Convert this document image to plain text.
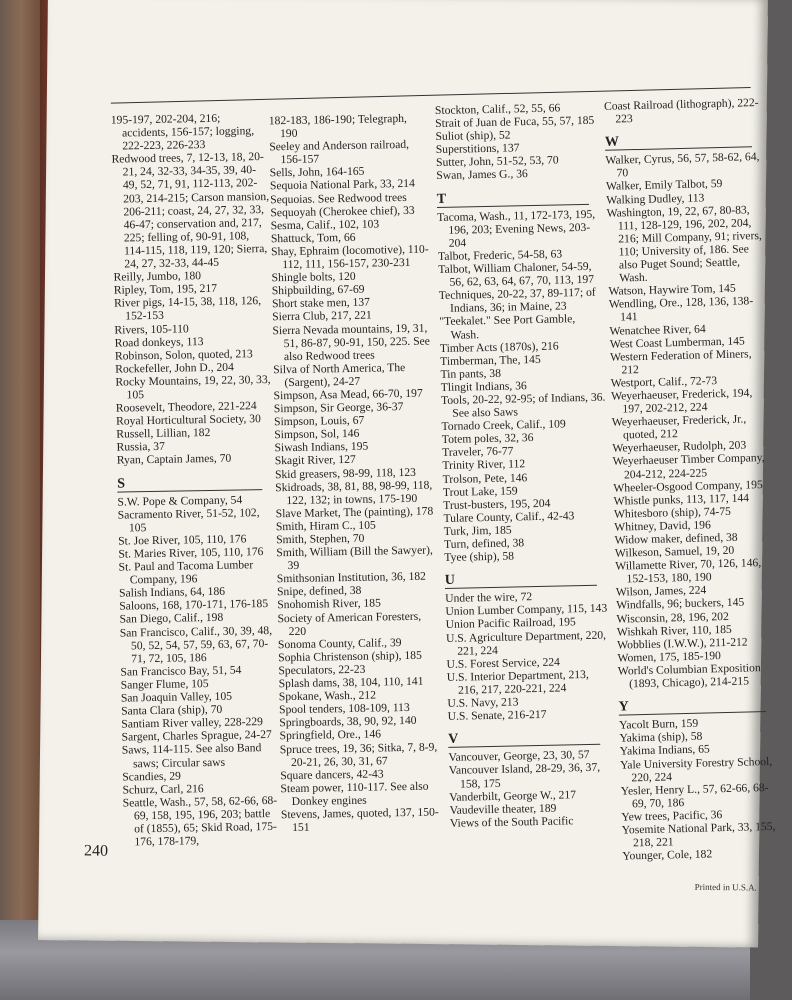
195-197, 202-204, 216; accidents, 156-157; logging, 222-223, 226-233
Redwood trees, 7, 12-13, 18, 20-21, 24, 32-33, 34-35, 39, 40-49, 52, 71, 91, 112-113, 202-203, 214-215; Carson mansion, 206-211; coast, 24, 27, 32, 33, 46-47; conservation and, 217, 225; felling of, 90-91, 108, 114-115, 118, 119, 120; Sierra, 24, 27, 32-33, 44-45
Reilly, Jumbo, 180
Ripley, Tom, 195, 217
River pigs, 14-15, 38, 118, 126, 152-153
Rivers, 105-110
Road donkeys, 113
Robinson, Solon, quoted, 213
Rockefeller, John D., 204
Rocky Mountains, 19, 22, 30, 33, 105
Roosevelt, Theodore, 221-224
Royal Horticultural Society, 30
Russell, Lillian, 182
Russia, 37
Ryan, Captain James, 70
S
S.W. Pope & Company, 54
Sacramento River, 51-52, 102, 105
St. Joe River, 105, 110, 176
St. Maries River, 105, 110, 176
St. Paul and Tacoma Lumber Company, 196
Salish Indians, 64, 186
Saloons, 168, 170-171, 176-185
San Diego, Calif., 198
San Francisco, Calif., 30, 39, 48, 50, 52, 54, 57, 59, 63, 67, 70-71, 72, 105, 186
San Francisco Bay, 51, 54
Sanger Flume, 105
San Joaquin Valley, 105
Santa Clara (ship), 70
Santiam River valley, 228-229
Sargent, Charles Sprague, 24-27
Saws, 114-115. See also Band saws; Circular saws
Scandies, 29
Schurz, Carl, 216
Seattle, Wash., 57, 58, 62-66, 68-69, 158, 195, 196, 203; battle of (1855), 65; Skid Road, 175-176, 178-179,
182-183, 186-190; Telegraph, 190
Seeley and Anderson railroad, 156-157
Sells, John, 164-165
Sequoia National Park, 33, 214
Sequoias. See Redwood trees
Sequoyah (Cherokee chief), 33
Sesma, Calif., 102, 103
Shattuck, Tom, 66
Shay, Ephraim (locomotive), 110-112, 111, 156-157, 230-231
Shingle bolts, 120
Shipbuilding, 67-69
Short stake men, 137
Sierra Club, 217, 221
Sierra Nevada mountains, 19, 31, 51, 86-87, 90-91, 150, 225. See also Redwood trees
Silva of North America, The (Sargent), 24-27
Simpson, Asa Mead, 66-70, 197
Simpson, Sir George, 36-37
Simpson, Louis, 67
Simpson, Sol, 146
Siwash Indians, 195
Skagit River, 127
Skid greasers, 98-99, 118, 123
Skidroads, 38, 81, 88, 98-99, 118, 122, 132; in towns, 175-190
Slave Market, The (painting), 178
Smith, Hiram C., 105
Smith, Stephen, 70
Smith, William (Bill the Sawyer), 39
Smithsonian Institution, 36, 182
Snipe, defined, 38
Snohomish River, 185
Society of American Foresters, 220
Sonoma County, Calif., 39
Sophia Christenson (ship), 185
Speculators, 22-23
Splash dams, 38, 104, 110, 141
Spokane, Wash., 212
Spool tenders, 108-109, 113
Springboards, 38, 90, 92, 140
Springfield, Ore., 146
Spruce trees, 19, 36; Sitka, 7, 8-9, 20-21, 26, 30, 31, 67
Square dancers, 42-43
Steam power, 110-117. See also Donkey engines
Stevens, James, quoted, 137, 150-151
Stockton, Calif., 52, 55, 66
Strait of Juan de Fuca, 55, 57, 185
Suliot (ship), 52
Superstitions, 137
Sutter, John, 51-52, 53, 70
Swan, James G., 36
T
Tacoma, Wash., 11, 172-173, 195, 196, 203; Evening News, 203-204
Talbot, Frederic, 54-58, 63
Talbot, William Chaloner, 54-59, 56, 62, 63, 64, 67, 70, 113, 197
Techniques, 20-22, 37, 89-117; of Indians, 36; in Maine, 23
"Teekalet." See Port Gamble, Wash.
Timber Acts (1870s), 216
Timberman, The, 145
Tin pants, 38
Tlingit Indians, 36
Tools, 20-22, 92-95; of Indians, 36. See also Saws
Tornado Creek, Calif., 109
Totem poles, 32, 36
Traveler, 76-77
Trinity River, 112
Trolson, Pete, 146
Trout Lake, 159
Trust-busters, 195, 204
Tulare County, Calif., 42-43
Turk, Jim, 185
Turn, defined, 38
Tyee (ship), 58
U
Under the wire, 72
Union Lumber Company, 115, 143
Union Pacific Railroad, 195
U.S. Agriculture Department, 220, 221, 224
U.S. Forest Service, 224
U.S. Interior Department, 213, 216, 217, 220-221, 224
U.S. Navy, 213
U.S. Senate, 216-217
V
Vancouver, George, 23, 30, 57
Vancouver Island, 28-29, 36, 37, 158, 175
Vanderbilt, George W., 217
Vaudeville theater, 189
Views of the South Pacific
Coast Railroad (lithograph), 222-223
W
Walker, Cyrus, 56, 57, 58-62, 64, 70
Walker, Emily Talbot, 59
Walking Dudley, 113
Washington, 19, 22, 67, 80-83, 111, 128-129, 196, 202, 204, 216; Mill Company, 91; rivers, 110; University of, 186. See also Puget Sound; Seattle, Wash.
Watson, Haywire Tom, 145
Wendling, Ore., 128, 136, 138-141
Wenatchee River, 64
West Coast Lumberman, 145
Western Federation of Miners, 212
Westport, Calif., 72-73
Weyerhaeuser, Frederick, 194, 197, 202-212, 224
Weyerhaeuser, Frederick, Jr., quoted, 212
Weyerhaeuser, Rudolph, 203
Weyerhaeuser Timber Company, 204-212, 224-225
Wheeler-Osgood Company, 195
Whistle punks, 113, 117, 144
Whitesboro (ship), 74-75
Whitney, David, 196
Widow maker, defined, 38
Wilkeson, Samuel, 19, 20
Willamette River, 70, 126, 146, 152-153, 180, 190
Wilson, James, 224
Windfalls, 96; buckers, 145
Wisconsin, 28, 196, 202
Wishkah River, 110, 185
Wobblies (I.W.W.), 211-212
Women, 175, 185-190
World's Columbian Exposition (1893, Chicago), 214-215
Y
Yacolt Burn, 159
Yakima (ship), 58
Yakima Indians, 65
Yale University Forestry School, 220, 224
Yesler, Henry L., 57, 62-66, 68-69, 70, 186
Yew trees, Pacific, 36
Yosemite National Park, 33, 155, 218, 221
Younger, Cole, 182
240
Printed in U.S.A.
